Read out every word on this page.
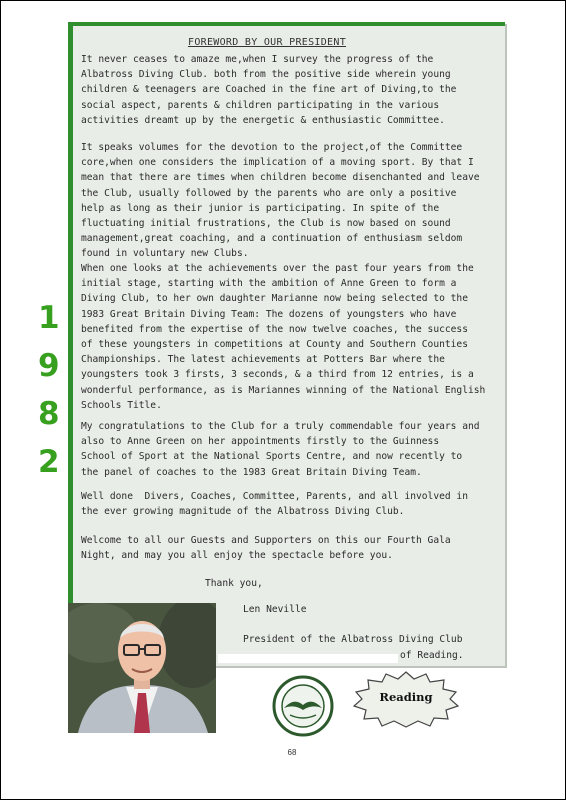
FOREWORD BY OUR PRESIDENT

It never ceases to amaze me,when I survey the progress of the
Albatross Diving Club. both from the positive side wherein young
children & teenagers are Coached in the fine art of Diving,to the
social aspect, parents & children participating in the various
activities dreamt up by the energetic & enthusiastic Committee.

It speaks volumes for the devotion to the project,of the Committee
core,when one considers the implication of a moving sport. By that I
mean that there are times when children become disenchanted and leave
the Club, usually followed by the parents who are only a positive
help as long as their junior is participating. In spite of the
fluctuating initial frustrations, the Club is now based on sound
management,great coaching, and a continuation of enthusiasm seldom
found in voluntary new Clubs.

When one looks at the achievements over the past four years from the
initial stage, starting with the ambition of Anne Green to form a
Diving Club, to her own daughter Marianne now being selected to the
1983 Great Britain Diving Team: The dozens of youngsters who have
benefited from the expertise of the now twelve coaches, the success
of these youngsters in competitions at County and Southern Counties
Championships. The latest achievements at Potters Bar where the
youngsters took 3 firsts, 3 seconds, & a third from 12 entries, is a
wonderful performance, as is Mariannes winning of the National English
Schools Title.

My congratulations to the Club for a truly commendable four years and
also to Anne Green on her appointments firstly to the Guinness
School of Sport at the National Sports Centre, and now recently to
the panel of coaches to the 1983 Great Britain Diving Team.

Well done  Divers, Coaches, Committee, Parents, and all involved in
the ever growing magnitude of the Albatross Diving Club.

Welcome to all our Guests and Supporters on this our Fourth Gala
Night, and may you all enjoy the spectacle before you.

Thank you,
Len Neville
President of the Albatross Diving Club
of Reading.
1
9
8
2
Reading
68
